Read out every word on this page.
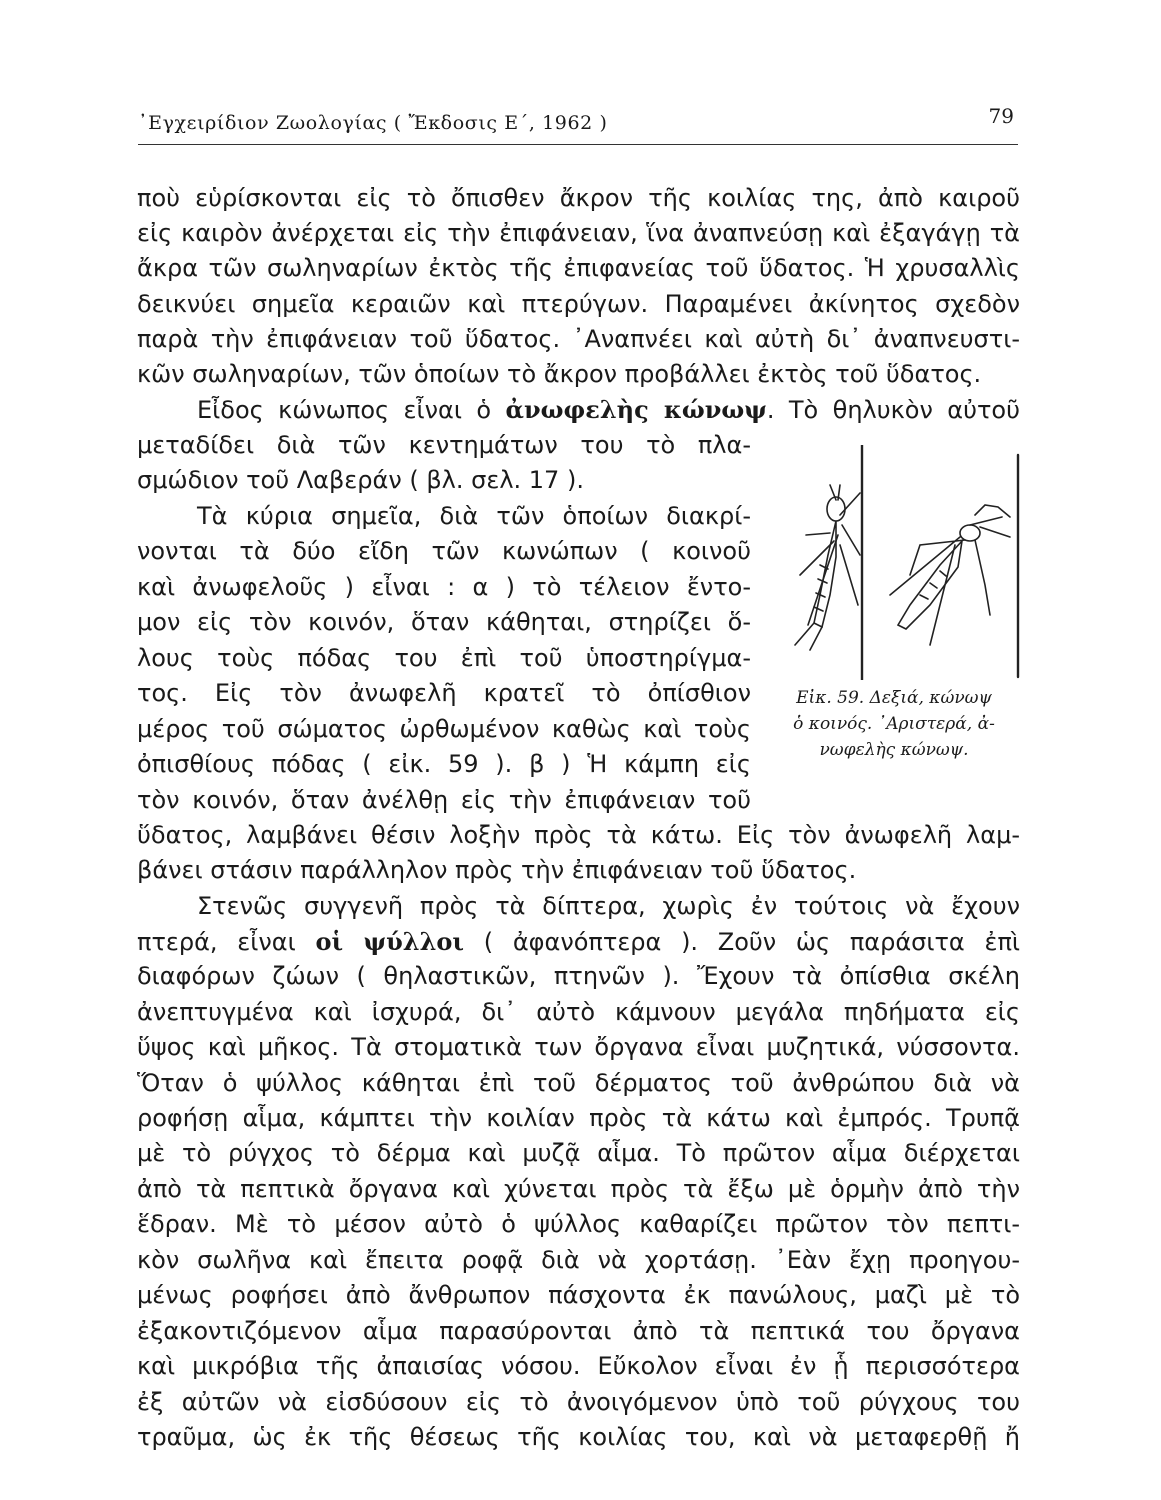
᾿Εγχειρίδιον Ζωολογίας ( Ἔκδοσις Ε΄, 1962 )	79

ποὺ εὑρίσκονται εἰς τὸ ὄπισθεν ἄκρον τῆς κοιλίας της, ἀπὸ καιροῦ

εἰς καιρὸν ἀνέρχεται εἰς τὴν ἐπιφάνειαν, ἵνα ἀναπνεύσῃ καὶ ἐξαγάγῃ τὰ

ἄκρα τῶν σωληναρίων ἐκτὸς τῆς ἐπιφανείας τοῦ ὕδατος. Ἡ χρυσαλλὶς

δεικνύει σημεῖα κεραιῶν καὶ πτερύγων. Παραμένει ἀκίνητος σχεδὸν

παρὰ τὴν ἐπιφάνειαν τοῦ ὕδατος. ᾿Αναπνέει καὶ αὐτὴ δι᾿ ἀναπνευστι-

κῶν σωληναρίων, τῶν ὁποίων τὸ ἄκρον προβάλλει ἐκτὸς τοῦ ὕδατος.

Εἶδος κώνωπος εἶναι ὁ ἀνωφελὴς κώνωψ. Τὸ θηλυκὸν αὐτοῦ

μεταδίδει διὰ τῶν κεντημάτων του τὸ πλα-

σμώδιον τοῦ Λαβεράν ( βλ. σελ. 17 ).

Τὰ κύρια σημεῖα, διὰ τῶν ὁποίων διακρί-

νονται τὰ δύο εἴδη τῶν κωνώπων ( κοινοῦ

καὶ ἀνωφελοῦς ) εἶναι : α ) τὸ τέλειον ἔντο-

μον εἰς τὸν κοινόν, ὅταν κάθηται, στηρίζει ὅ-

λους τοὺς πόδας του ἐπὶ τοῦ ὑποστηρίγμα-

τος. Εἰς τὸν ἀνωφελῆ κρατεῖ τὸ ὀπίσθιον

μέρος τοῦ σώματος ὠρθωμένον καθὼς καὶ τοὺς

ὀπισθίους πόδας ( εἰκ. 59 ). β ) Ἡ κάμπη εἰς

τὸν κοινόν, ὅταν ἀνέλθῃ εἰς τὴν ἐπιφάνειαν τοῦ

ὕδατος, λαμβάνει θέσιν λοξὴν πρὸς τὰ κάτω. Εἰς τὸν ἀνωφελῆ λαμ-

βάνει στάσιν παράλληλον πρὸς τὴν ἐπιφάνειαν τοῦ ὕδατος.

Στενῶς συγγενῆ πρὸς τὰ δίπτερα, χωρὶς ἐν τούτοις νὰ ἔχουν

πτερά, εἶναι οἱ ψύλλοι ( ἀφανόπτερα ). Ζοῦν ὡς παράσιτα ἐπὶ

διαφόρων ζώων ( θηλαστικῶν, πτηνῶν ). Ἔχουν τὰ ὀπίσθια σκέλη

ἀνεπτυγμένα καὶ ἰσχυρά, δι᾿ αὐτὸ κάμνουν μεγάλα πηδήματα εἰς

ὕψος καὶ μῆκος. Τὰ στοματικὰ των ὄργανα εἶναι μυζητικά, νύσσοντα.

Ὅταν ὁ ψύλλος κάθηται ἐπὶ τοῦ δέρματος τοῦ ἀνθρώπου διὰ νὰ

ροφήσῃ αἷμα, κάμπτει τὴν κοιλίαν πρὸς τὰ κάτω καὶ ἐμπρός. Τρυπᾷ

μὲ τὸ ρύγχος τὸ δέρμα καὶ μυζᾷ αἷμα. Τὸ πρῶτον αἷμα διέρχεται

ἀπὸ τὰ πεπτικὰ ὄργανα καὶ χύνεται πρὸς τὰ ἔξω μὲ ὁρμὴν ἀπὸ τὴν

ἕδραν. Μὲ τὸ μέσον αὐτὸ ὁ ψύλλος καθαρίζει πρῶτον τὸν πεπτι-

κὸν σωλῆνα καὶ ἔπειτα ροφᾷ διὰ νὰ χορτάσῃ. ᾿Εὰν ἔχῃ προηγου-

μένως ροφήσει ἀπὸ ἄνθρωπον πάσχοντα ἐκ πανώλους, μαζὶ μὲ τὸ

ἐξακοντιζόμενον αἷμα παρασύρονται ἀπὸ τὰ πεπτικά του ὄργανα

καὶ μικρόβια τῆς ἀπαισίας νόσου. Εὔκολον εἶναι ἐν ᾗ περισσότερα

ἐξ αὐτῶν νὰ εἰσδύσουν εἰς τὸ ἀνοιγόμενον ὑπὸ τοῦ ρύγχους του

τραῦμα, ὡς ἐκ τῆς θέσεως τῆς κοιλίας του, καὶ νὰ μεταφερθῇ ἤ

Εἰκ. 59. Δεξιά, κώνωψ
ὁ κοινός. ᾿Αριστερά, ἀ-
νωφελὴς κώνωψ.
